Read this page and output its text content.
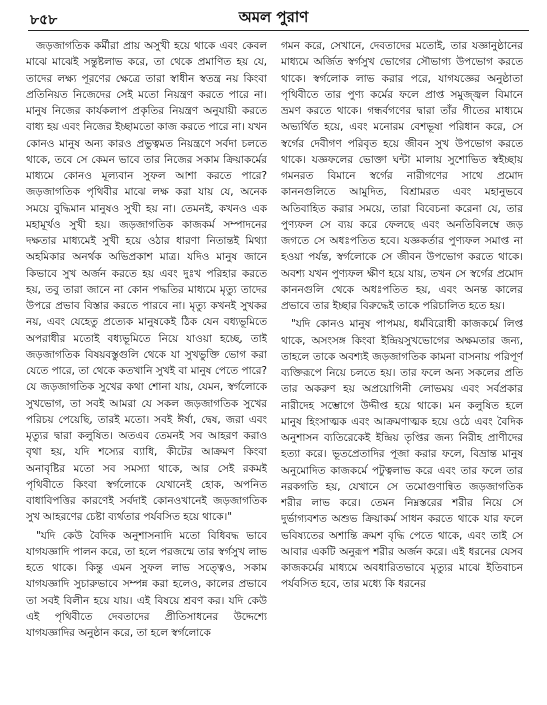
৮৫৮	অমল পুরাণ

জড়জাগতিক কর্মীরা প্রায় অসুখী হয়ে থাকে এবং কেবল মাঝে মাঝেই সন্তুষ্টলাভ করে, তা থেকে প্রমাণিত হয় যে, তাদের লক্ষ্য পূরণের ক্ষেত্রে তারা স্বাধীন স্বতন্ত্র নয় কিংবা প্রতিনিয়ত নিজেদের সেই মতো নিয়ন্ত্রণ করতে পারে না। মানুষ নিজের কার্যকলাপ প্রকৃতির নিয়ন্ত্রণ অনুযায়ী করতে বাধ্য হয় এবং নিজের ইচ্ছামতো কাজ করতে পারে না। যখন কোনও মানুষ অন্য কারও প্রভুত্বমত নিয়ন্ত্রণে সর্বদা চলতে থাকে, তবে সে কেমন ভাবে তার নিজের সকাম ক্রিয়াকর্মের মাধ্যমে কোনও মূল্যবান সুফল আশা করতে পারে? জড়জাগতিক পৃথিবীর মাঝে লক্ষ করা যায় যে, অনেক সময়ে বুদ্ধিমান মানুষও সুখী হয় না। তেমনই, কখনও এক মহামূর্খও সুখী হয়। জড়জাগতিক কাজকর্ম সম্পাদনের দক্ষতার মাধ্যমেই সুখী হয়ে ওঠার ধারণা নিতান্তই মিথ্যা অহমিকার অনর্থক অভিপ্রকাশ মাত্র। যদিও মানুষ জানে কিভাবে সুখ অর্জন করতে হয় এবং দুঃখ পরিহার করতে হয়, তবু তারা জানে না কোন পদ্ধতির মাধ্যমে মৃত্যু তাদের উপরে প্রভাব বিস্তার করতে পারবে না। মৃত্যু কখনই সুখকর নয়, এবং যেহেতু প্রত্যেক মানুষকেই ঠিক যেন বধ্যভূমিতে অপরাধীর মতোই বধ্যভূমিতে নিয়ে যাওয়া হচ্ছে, তাই জড়জাগতিক বিষয়বস্তুগুলি থেকে যা সুখভুক্তি ভোগ করা যেতে পারে, তা থেকে কতখানি সুখই বা মানুষ পেতে পারে? যে জড়জাগতিক সুখের কথা শোনা যায়, যেমন, স্বর্গলোকে সুখভোগ, তা সবই আমরা যে সকল জড়জাগতিক সুখের পরিচয় পেয়েছি, তারই মতো। সবই ঈর্ষা, দ্বেষ, জরা এবং মৃত্যুর দ্বারা কলুষিত। অতএব তেমনই সব আহরণ করাও বৃথা হয়, যদি শস্যের ব্যাধি, কীটের আক্রমণ কিংবা অনাবৃষ্টির মতো সব সমস্যা থাকে, আর সেই রকমই পৃথিবীতে কিংবা স্বর্গলোকে যেখানেই হোক, অপনিত বাধাবিপত্তির কারণেই সর্বদাই কোনওখানেই জড়জাগতিক সুখ আহরণের চেষ্টা ব্যর্থতার পর্যবসিত হয়ে থাকে।"

"যদি কেউ বৈদিক অনুশাসনাদি মতো বিধিবদ্ধ ভাবে যাগযজ্ঞাদি পালন করে, তা হলে পরজন্মে তার স্বর্গসুখ লাভ হতে থাকে। কিন্তু এমন সুফল লাভ সত্ত্বেও, সকাম যাগযজ্ঞাদি সুচারুভাবে সম্পন্ন করা হলেও, কালের প্রভাবে তা সবই বিলীন হয়ে যায়। এই বিষয়ে শ্রবণ কর। যদি কেউ এই পৃথিবীতে দেবতাদের প্রীতিসাধনের উদ্দেশ্যে যাগযজ্ঞাদির অনুষ্ঠান করে, তা হলে স্বর্গলোকে

গমন করে, সেখানে, দেবতাদের মতোই, তার যজ্ঞানুষ্ঠানের মাধ্যমে অর্জিত স্বর্গসুখ ভোগের সৌভাগ্য উপভোগ করতে থাকে। স্বর্গলোক লাভ করার পরে, যাগযজ্ঞের অনুষ্ঠাতা পৃথিবীতে তার পুণ্য কর্মের ফলে প্রাপ্ত সমুজ্জ্বল বিমানে ভ্রমণ করতে থাকে। গন্ধর্বগণের দ্বারা তাঁর গীতের মাধ্যমে অভ্যর্থিত হয়ে, এবং মনোরম বেশভূষা পরিধান করে, সে স্বর্গের দেবীগণ পরিবৃত হয়ে জীবন সুখ উপভোগ করতে থাকে। যজ্ঞফলের ভোক্তা ঘন্টা মালায় সুশোভিত স্বইচ্ছায় গমনরত বিমানে স্বর্গের নারীগণের সাথে প্রমোদ কাননগুলিতে আমুদিত, বিশ্রামরত এবং মহানুভবে অতিবাহিত করার সময়ে, তারা বিবেচনা করেনা যে, তার পুণ্যফল সে ব্যয় করে ফেলছে এবং অনতিবিলম্বে জড় জগতে সে অধঃপতিত হবে। যজ্ঞকর্তার পুণ্যফল সমাপ্ত না হওয়া পর্যন্ত, স্বর্গলোকে সে জীবন উপভোগ করতে থাকে। অবশ্য যখন পুণ্যফল ক্ষীণ হয়ে যায়, তখন সে স্বর্গের প্রমোদ কাননগুলি থেকে অধঃপতিত হয়, এবং অনন্ত কালের প্রভাবে তার ইচ্ছার বিরুদ্ধেই তাকে পরিচালিত হতে হয়।

"যদি কোনও মানুষ পাপময়, ধর্মবিরোধী কাজকর্মে লিপ্ত থাকে, অসংসঙ্গ কিংবা ইন্দ্রিয়সুখভোগের অক্ষমতার জন্য, তাহলে তাকে অবশ্যই জড়জাগতিক কামনা বাসনায় পরিপূর্ণ ব্যক্তিরূপে নিয়ে চলতে হয়। তার ফলে অন্য সকলের প্রতি তার অকরুণ হয় অপ্রয়োগিনী লোভময় এবং সর্বপ্রকার নারীদেহ সম্ভোগে উদ্দীপ্ত হয়ে থাকে। মন কলুষিত হলে মানুষ হিংসাত্মক এবং আক্রমণাত্মক হয়ে ওঠে এবং বৈদিক অনুশাসন ব্যতিরেকেই ইন্দ্রিয় তৃপ্তির জন্য নিরীহ প্রাণীদের হত্যা করে। ভূতপ্রেতাদির পূজা করার ফলে, বিভ্রান্ত মানুষ অনুমোদিত কাজকর্মে পটুত্বলাভ করে এবং তার ফলে তার নরকগতি হয়, যেখানে সে তমোগুণান্বিত জড়জাগতিক শরীর লাভ করে। তেমন নিম্নস্তরের শরীর নিয়ে সে দুর্ভাগ্যবশত অশুভ ক্রিয়াকর্ম সাধন করতে থাকে যার ফলে ভবিষ্যতের অশান্তি ক্রমশ বৃদ্ধি পেতে থাকে, এবং তাই সে আবার একটি অনুরূপ শরীর অর্জন করে। এই ধরনের যেসব কাজকর্মের মাধ্যমে অবধারিতভাবে মৃত্যুর মাঝে ইতিবাচন পর্যবসিত হবে, তার মধ্যে কি ধরনের
